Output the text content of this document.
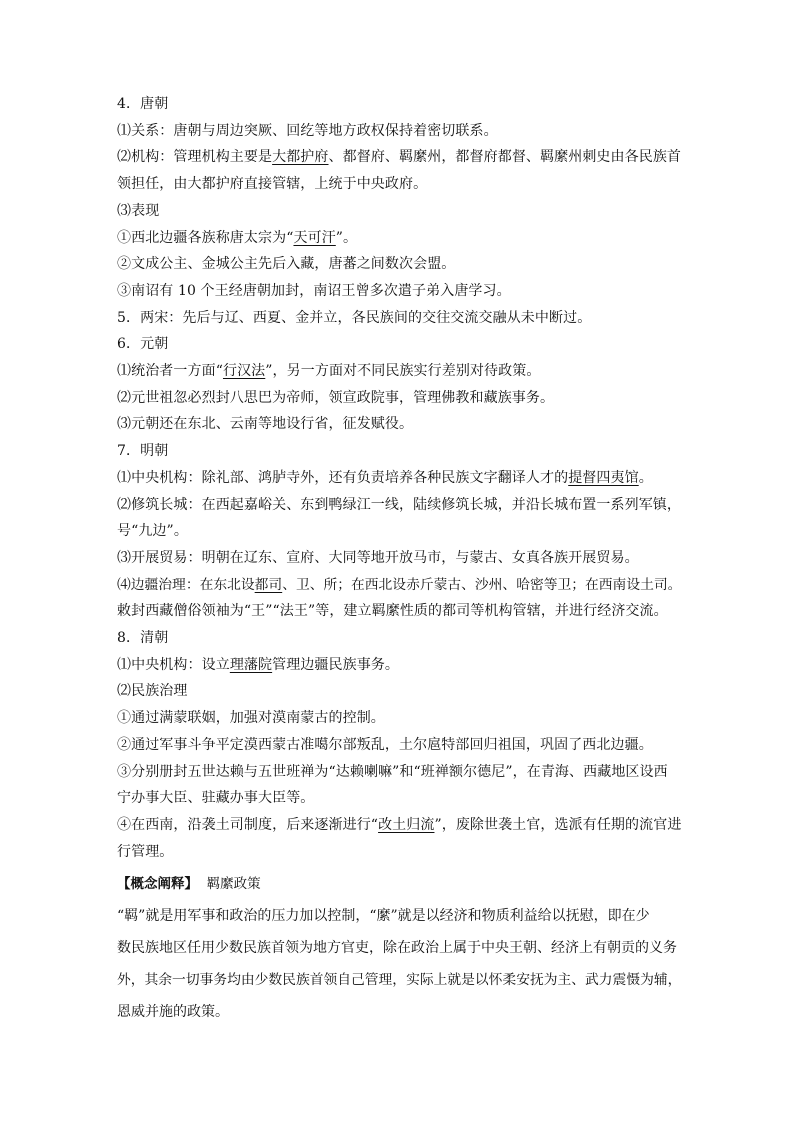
4．唐朝
⑴关系：唐朝与周边突厥、回纥等地方政权保持着密切联系。
⑵机构：管理机构主要是大都护府、都督府、羁縻州，都督府都督、羁縻州刺史由各民族首
领担任，由大都护府直接管辖，上统于中央政府。
⑶表现
①西北边疆各族称唐太宗为“天可汗”。
②文成公主、金城公主先后入藏，唐蕃之间数次会盟。
③南诏有 10 个王经唐朝加封，南诏王曾多次遣子弟入唐学习。
5．两宋：先后与辽、西夏、金并立，各民族间的交往交流交融从未中断过。
6．元朝
⑴统治者一方面“行汉法”，另一方面对不同民族实行差别对待政策。
⑵元世祖忽必烈封八思巴为帝师，领宣政院事，管理佛教和藏族事务。
⑶元朝还在东北、云南等地设行省，征发赋役。
7．明朝
⑴中央机构：除礼部、鸿胪寺外，还有负责培养各种民族文字翻译人才的提督四夷馆。
⑵修筑长城：在西起嘉峪关、东到鸭绿江一线，陆续修筑长城，并沿长城布置一系列军镇，
号“九边”。
⑶开展贸易：明朝在辽东、宣府、大同等地开放马市，与蒙古、女真各族开展贸易。
⑷边疆治理：在东北设都司、卫、所；在西北设赤斤蒙古、沙州、哈密等卫；在西南设土司。
敕封西藏僧俗领袖为“王”“法王”等，建立羁縻性质的都司等机构管辖，并进行经济交流。
8．清朝
⑴中央机构：设立理藩院管理边疆民族事务。
⑵民族治理
①通过满蒙联姻，加强对漠南蒙古的控制。
②通过军事斗争平定漠西蒙古准噶尔部叛乱，土尔扈特部回归祖国，巩固了西北边疆。
③分别册封五世达赖与五世班禅为“达赖喇嘛”和“班禅额尔德尼”，在青海、西藏地区设西
宁办事大臣、驻藏办事大臣等。
④在西南，沿袭土司制度，后来逐渐进行“改土归流”，废除世袭土官，选派有任期的流官进
行管理。
【概念阐释】 羁縻政策
“羁”就是用军事和政治的压力加以控制，“縻”就是以经济和物质利益给以抚慰，即在少
数民族地区任用少数民族首领为地方官吏，除在政治上属于中央王朝、经济上有朝贡的义务
外，其余一切事务均由少数民族首领自己管理，实际上就是以怀柔安抚为主、武力震慑为辅，
恩威并施的政策。
